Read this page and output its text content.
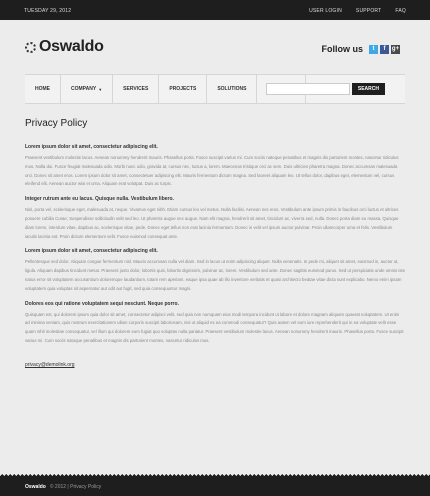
TUESDAY 29, 2012	USER LOGIN	SUPPORT	FAQ
Oswaldo	Follow us	t	f	g+
HOME	COMPANY ▼	SERVICES	PROJECTS	SOLUTIONS	SEARCH
Privacy Policy

Lorem ipsum dolor sit amet, consectetur adipiscing elit.

Praesent vestibulum molestie lacus. Aenean nonummy hendrerit mauris. Phasellus porta. Fusce suscipit varius mi. Cum sociis natoque penatibus et magnis dis parturient montes, nascetur ridiculus mus. Nulla dui. Fusce feugiat malesuada odio. Morbi nunc odio, gravida at, cursus nec, luctus a, lorem. Maecenas tristique orci ac sem. Duis ultricies pharetra magna. Donec accumsan malesuada orci. Donec sit amet eros. Lorem ipsum dolor sit amet, consectetuer adipiscing elit. Mauris fermentum dictum magna. Sed laoreet aliquam leo. Ut tellus dolor, dapibus eget, elementum vel, cursus eleifend elit. Aenean auctor wisi et urna. Aliquam erat volutpat. Duis ac turpis.

Integer rutrum ante eu lacus. Quisque nulla. Vestibulum libero.

Nisl, porta vel, scelerisque eget, malesuada at, neque. Vivamus eget nibh. Etiam cursus leo vel metus. Nulla facilisi. Aenean nec eros. Vestibulum ante ipsum primis in faucibus orci luctus et ultrices posuere cubilia Curae; Suspendisse sollicitudin velit sed leo. Ut pharetra augue nec augue. Nam elit magna, hendrerit sit amet, tincidunt ac, viverra sed, nulla. Donec porta diam eu massa. Quisque diam lorem, interdum vitae, dapibus ac, scelerisque vitae, pede. Donec eget tellus non erat lacinia fermentum. Donec in velit vel ipsum auctor pulvinar. Proin ullamcorper urna et felis. Vestibulum iaculis lacinia est. Proin dictum elementum velit. Fusce euismod consequat ante.

Lorem ipsum dolor sit amet, consectetur adipiscing elit.

Pellentesque sed dolor. Aliquam congue fermentum nisl. Mauris accumsan nulla vel diam. Sed in lacus ut enim adipiscing aliquet. Nulla venenatis. In pede mi, aliquet sit amet, euismod in, auctor ut, ligula. Aliquam dapibus tincidunt metus. Praesent justo dolor, lobortis quis, lobortis dignissim, pulvinar ac, lorem. Vestibulum sed ante. Donec sagittis euismod purus. Sed ut perspiciatis unde omnis iste natus error sit voluptatem accusantium doloremque laudantium, totam rem aperiam, eaque ipsa quae ab illo inventore veritatis et quasi architecto beatae vitae dicta sunt explicabo. Nemo enim ipsam voluptatem quia voluptas sit aspernatur aut odit aut fugit, sed quia consequuntur magni.

Dolores eos qui ratione voluptatem sequi nesciunt. Neque porro.

Quisquam est, qui dolorem ipsum quia dolor sit amet, consectetur adipisci velit, sed quia non numquam eius modi tempora incidunt ut labore et dolore magnam aliquam quaerat voluptatem. Ut enim ad minima veniam, quis nostrum exercitationem ullam corporis suscipit laboriosam, nisi ut aliquid ex ea commodi consequatur? Quis autem vel eum iure reprehenderit qui in ea voluptate velit esse quam nihil molestiae consequatur, vel illum qui dolorem eum fugiat quo voluptas nulla pariatur. Praesent vestibulum molestie lacus. Aenean nonummy hendrerit mauris. Phasellus porta. Fusce suscipit varius mi. Cum sociis natoque penatibus et magnis dis parturient montes, nascetur ridiculus mus.

privacy@demolink.org
Oswaldo © 2012 | Privacy Policy
